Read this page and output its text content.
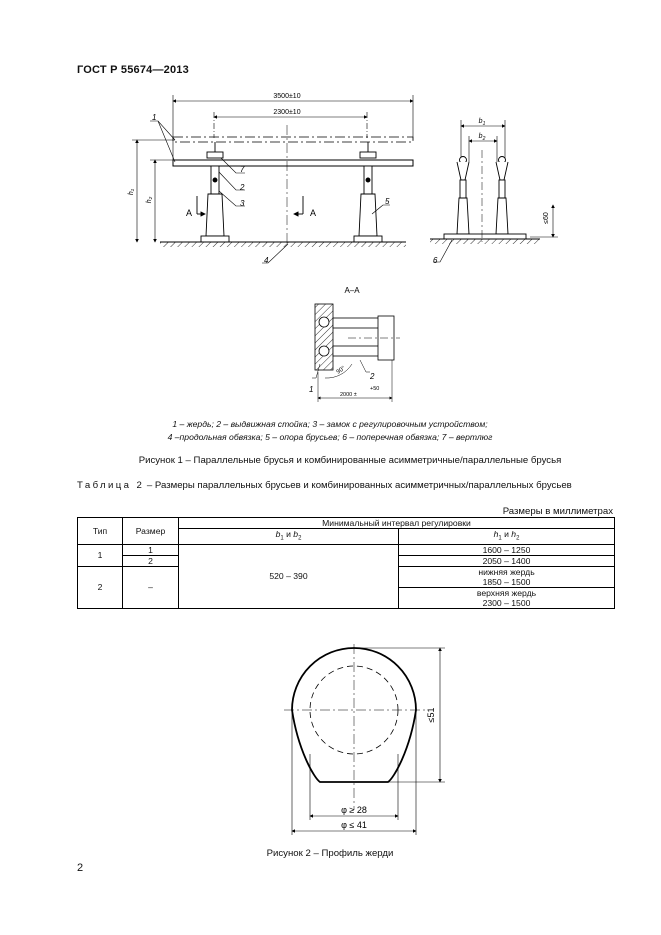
ГОСТ Р 55674—2013
3500±10
2300±10
h₁
h₂
A	A
1
7
2
3	5
4
$b_1$
$b_2$
≤60
6
A–A
90°
+50
2000 ±
1
2
1 – жердь; 2 – выдвижная стойка; 3 – замок с регулировочным устройством;
4 –продольная обвязка; 5 – опора брусьев; 6 – поперечная обвязка; 7 – вертлюг
Рисунок 1 – Параллельные брусья и комбинированные асимметричные/параллельные брусья
Таблица 2 – Размеры параллельных брусьев и комбинированных асимметричных/параллельных брусьев
Размеры в миллиметрах
Тип	Размер	Минимальный интервал регулировки	
		$b_1$ и $b_2$	$h_1$ и $h_2$
1	1	520 – 390	1600 – 1250
	2		2050 – 1400
2	–		нижняя жердь
			1850 – 1500
			верхняя жердь
			2300 – 1500
≤51
φ ≥ 28
φ ≤ 41
Рисунок 2 – Профиль жерди
2
